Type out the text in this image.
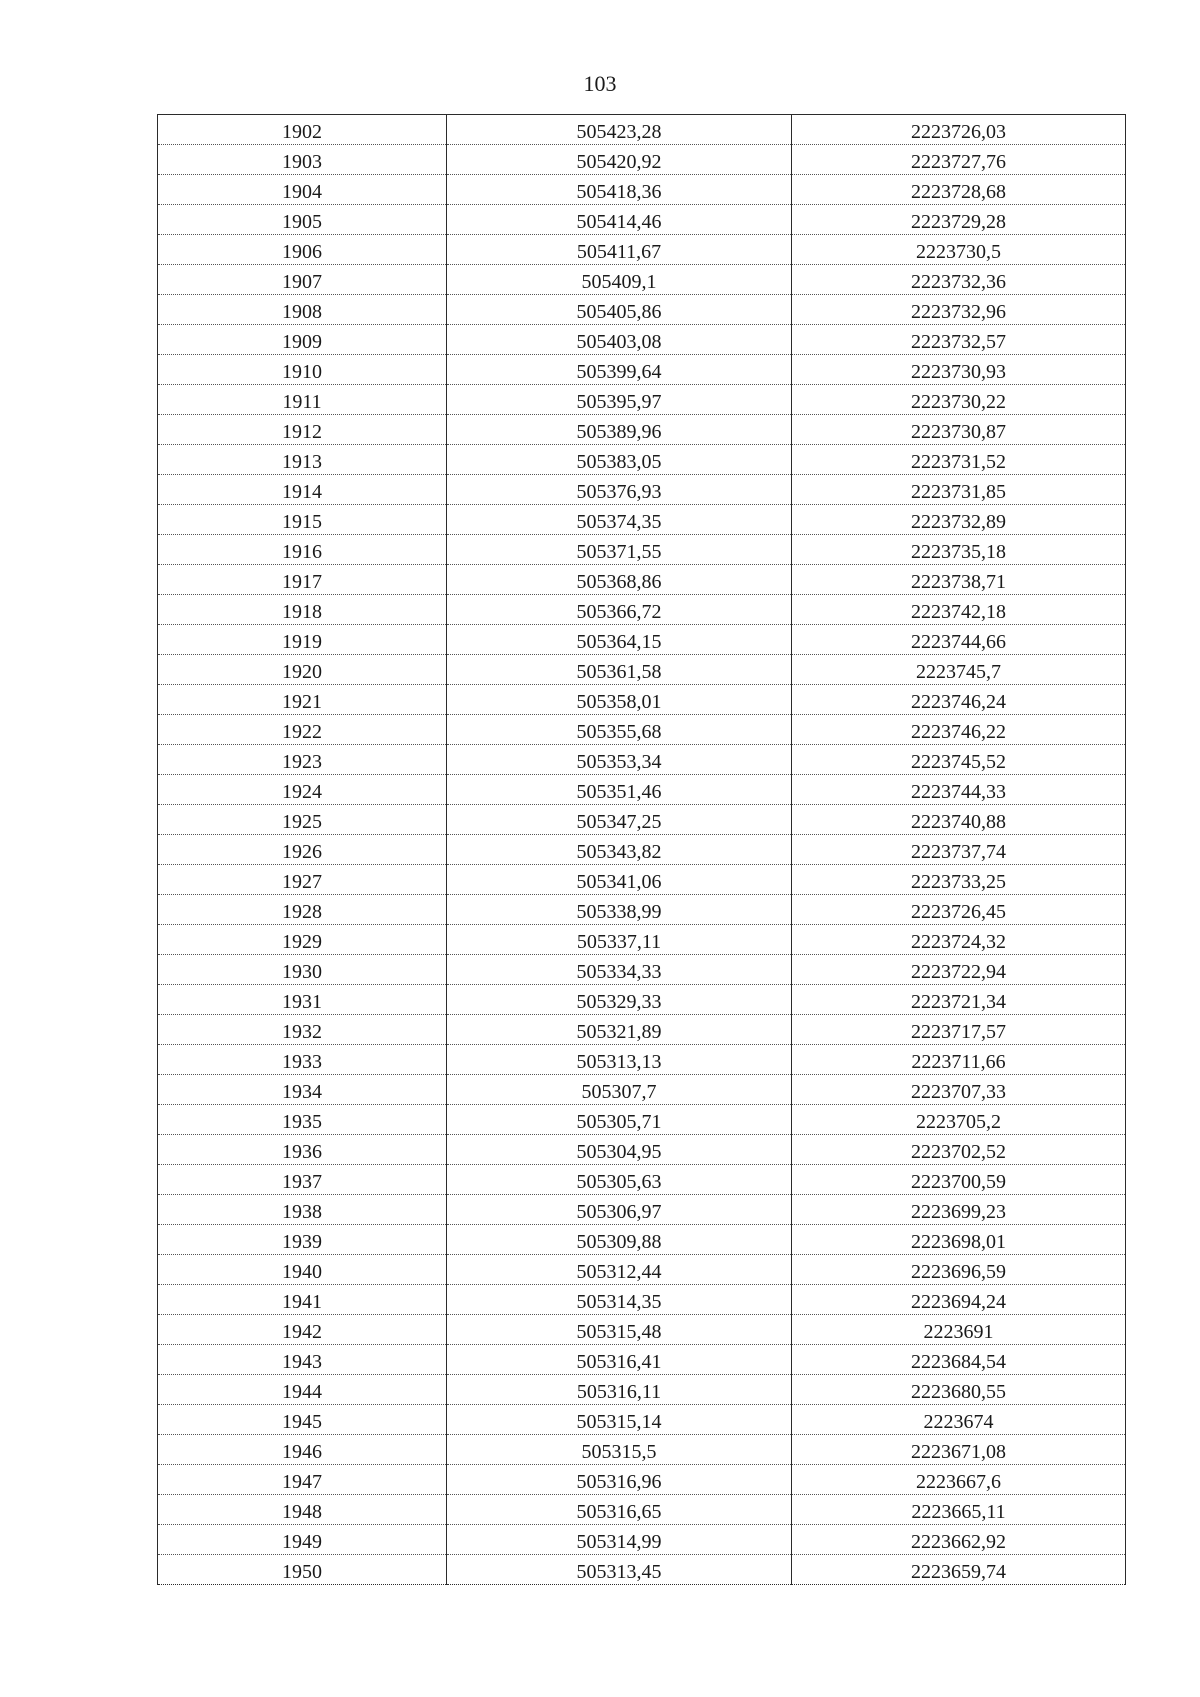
103
1902	505423,28	2223726,03
1903	505420,92	2223727,76
1904	505418,36	2223728,68
1905	505414,46	2223729,28
1906	505411,67	2223730,5
1907	505409,1	2223732,36
1908	505405,86	2223732,96
1909	505403,08	2223732,57
1910	505399,64	2223730,93
1911	505395,97	2223730,22
1912	505389,96	2223730,87
1913	505383,05	2223731,52
1914	505376,93	2223731,85
1915	505374,35	2223732,89
1916	505371,55	2223735,18
1917	505368,86	2223738,71
1918	505366,72	2223742,18
1919	505364,15	2223744,66
1920	505361,58	2223745,7
1921	505358,01	2223746,24
1922	505355,68	2223746,22
1923	505353,34	2223745,52
1924	505351,46	2223744,33
1925	505347,25	2223740,88
1926	505343,82	2223737,74
1927	505341,06	2223733,25
1928	505338,99	2223726,45
1929	505337,11	2223724,32
1930	505334,33	2223722,94
1931	505329,33	2223721,34
1932	505321,89	2223717,57
1933	505313,13	2223711,66
1934	505307,7	2223707,33
1935	505305,71	2223705,2
1936	505304,95	2223702,52
1937	505305,63	2223700,59
1938	505306,97	2223699,23
1939	505309,88	2223698,01
1940	505312,44	2223696,59
1941	505314,35	2223694,24
1942	505315,48	2223691
1943	505316,41	2223684,54
1944	505316,11	2223680,55
1945	505315,14	2223674
1946	505315,5	2223671,08
1947	505316,96	2223667,6
1948	505316,65	2223665,11
1949	505314,99	2223662,92
1950	505313,45	2223659,74
